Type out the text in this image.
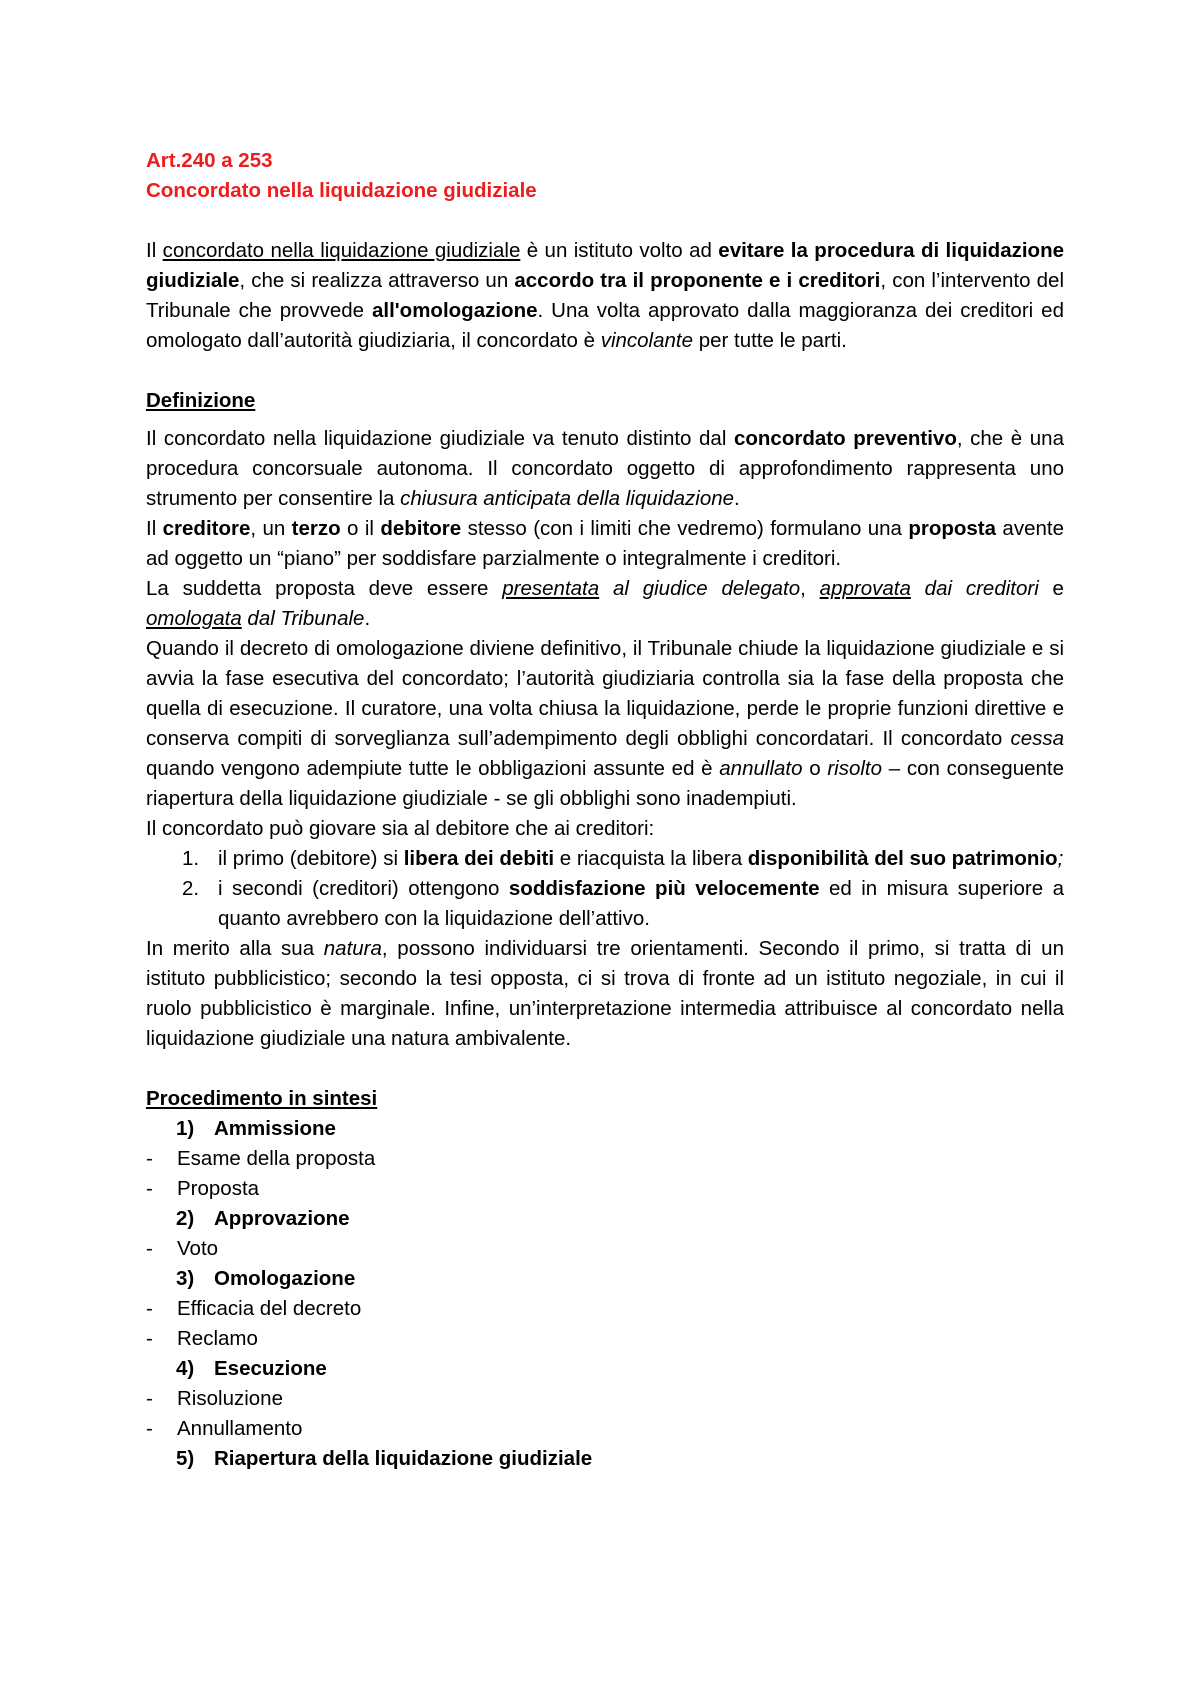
Art.240 a 253

Concordato nella liquidazione giudiziale

Il concordato nella liquidazione giudiziale è un istituto volto ad evitare la procedura di liquidazione giudiziale, che si realizza attraverso un accordo tra il proponente e i creditori, con l’intervento del Tribunale che provvede all'omologazione. Una volta approvato dalla maggioranza dei creditori ed omologato dall’autorità giudiziaria, il concordato è vincolante per tutte le parti.

Definizione

Il concordato nella liquidazione giudiziale va tenuto distinto dal concordato preventivo, che è una procedura concorsuale autonoma. Il concordato oggetto di approfondimento rappresenta uno strumento per consentire la chiusura anticipata della liquidazione.

Il creditore, un terzo o il debitore stesso (con i limiti che vedremo) formulano una proposta avente ad oggetto un “piano” per soddisfare parzialmente o integralmente i creditori.

La suddetta proposta deve essere presentata al giudice delegato, approvata dai creditori e omologata dal Tribunale.

Quando il decreto di omologazione diviene definitivo, il Tribunale chiude la liquidazione giudiziale e si avvia la fase esecutiva del concordato; l’autorità giudiziaria controlla sia la fase della proposta che quella di esecuzione. Il curatore, una volta chiusa la liquidazione, perde le proprie funzioni direttive e conserva compiti di sorveglianza sull’adempimento degli obblighi concordatari. Il concordato cessa quando vengono adempiute tutte le obbligazioni assunte ed è annullato o risolto – con conseguente riapertura della liquidazione giudiziale - se gli obblighi sono inadempiuti.

Il concordato può giovare sia al debitore che ai creditori:

1. il primo (debitore) si libera dei debiti e riacquista la libera disponibilità del suo patrimonio;
2. i secondi (creditori) ottengono soddisfazione più velocemente ed in misura superiore a quanto avrebbero con la liquidazione dell’attivo.

In merito alla sua natura, possono individuarsi tre orientamenti. Secondo il primo, si tratta di un istituto pubblicistico; secondo la tesi opposta, ci si trova di fronte ad un istituto negoziale, in cui il ruolo pubblicistico è marginale. Infine, un’interpretazione intermedia attribuisce al concordato nella liquidazione giudiziale una natura ambivalente.

Procedimento in sintesi

1) Ammissione

- Esame della proposta

- Proposta

2) Approvazione

- Voto

3) Omologazione

- Efficacia del decreto

- Reclamo

4) Esecuzione

- Risoluzione

- Annullamento

5) Riapertura della liquidazione giudiziale
